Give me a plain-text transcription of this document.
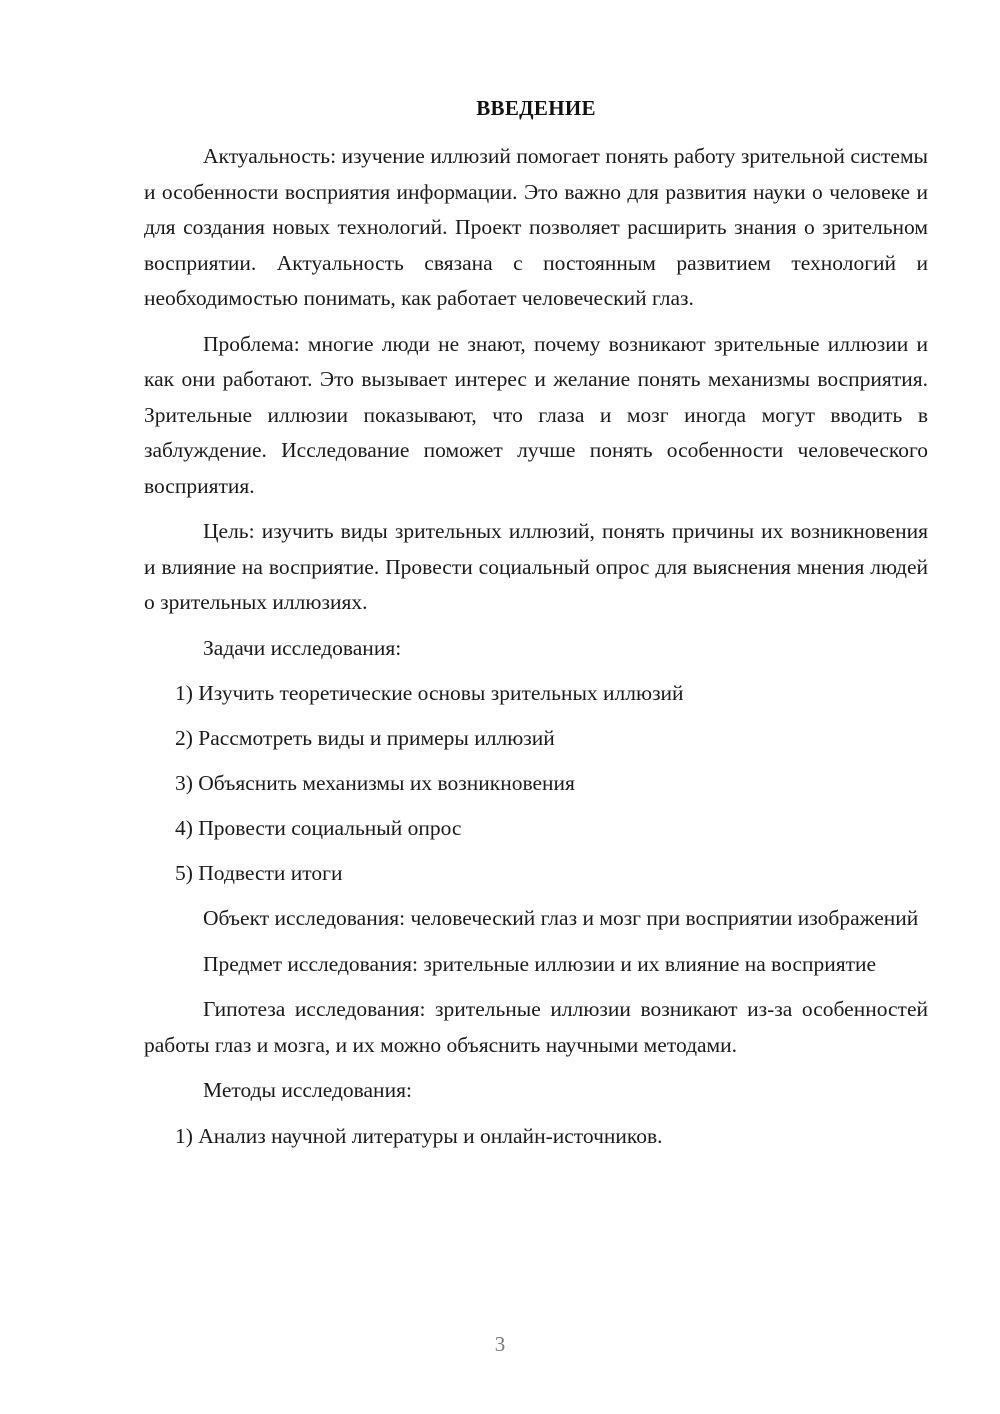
ВВЕДЕНИЕ

Актуальность: изучение иллюзий помогает понять работу зрительной системы и особенности восприятия информации. Это важно для развития науки о человеке и для создания новых технологий. Проект позволяет расширить знания о зрительном восприятии. Актуальность связана с постоянным развитием технологий и необходимостью понимать, как работает человеческий глаз.

Проблема: многие люди не знают, почему возникают зрительные иллюзии и как они работают. Это вызывает интерес и желание понять механизмы восприятия. Зрительные иллюзии показывают, что глаза и мозг иногда могут вводить в заблуждение. Исследование поможет лучше понять особенности человеческого восприятия.

Цель: изучить виды зрительных иллюзий, понять причины их возникновения и влияние на восприятие. Провести социальный опрос для выяснения мнения людей о зрительных иллюзиях.

Задачи исследования:

1) Изучить теоретические основы зрительных иллюзий
2) Рассмотреть виды и примеры иллюзий
3) Объяснить механизмы их возникновения
4) Провести социальный опрос
5) Подвести итоги

Объект исследования: человеческий глаз и мозг при восприятии изображений

Предмет исследования: зрительные иллюзии и их влияние на восприятие

Гипотеза исследования: зрительные иллюзии возникают из-за особенностей работы глаз и мозга, и их можно объяснить научными методами.

Методы исследования:

1) Анализ научной литературы и онлайн-источников.
3
